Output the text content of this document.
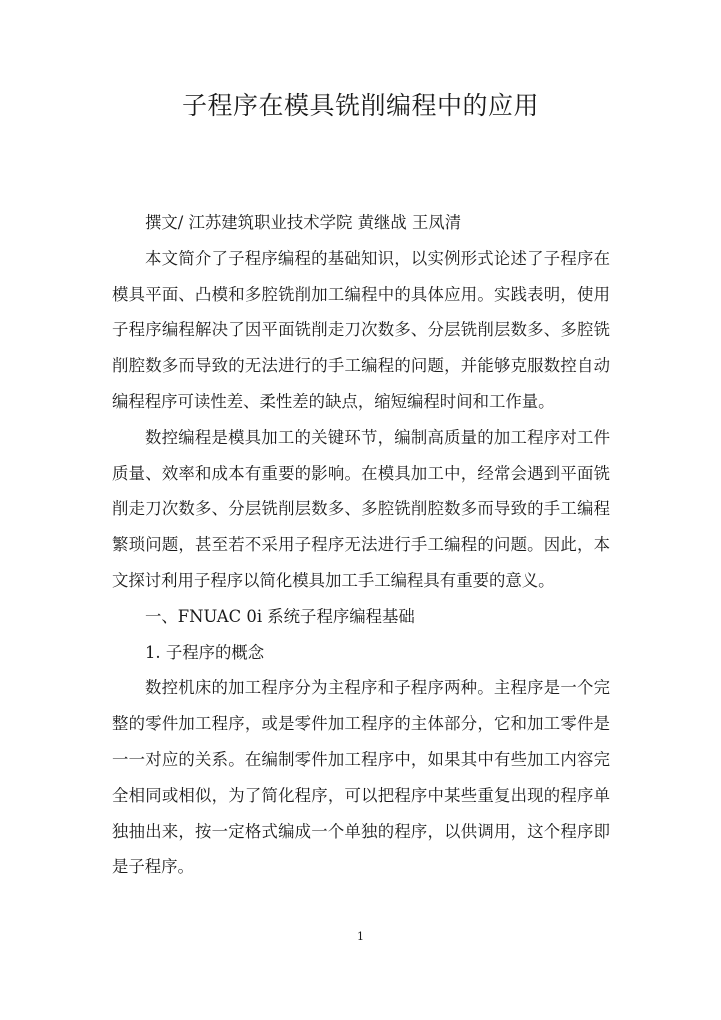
子程序在模具铣削编程中的应用

撰文/ 江苏建筑职业技术学院 黄继战 王凤清

本文简介了子程序编程的基础知识，以实例形式论述了子程序在模具平面、凸模和多腔铣削加工编程中的具体应用。实践表明，使用子程序编程解决了因平面铣削走刀次数多、分层铣削层数多、多腔铣削腔数多而导致的无法进行的手工编程的问题，并能够克服数控自动编程程序可读性差、柔性差的缺点，缩短编程时间和工作量。

数控编程是模具加工的关键环节，编制高质量的加工程序对工件质量、效率和成本有重要的影响。在模具加工中，经常会遇到平面铣削走刀次数多、分层铣削层数多、多腔铣削腔数多而导致的手工编程繁琐问题，甚至若不采用子程序无法进行手工编程的问题。因此，本文探讨利用子程序以简化模具加工手工编程具有重要的意义。

一、FNUAC 0i 系统子程序编程基础

1. 子程序的概念

数控机床的加工程序分为主程序和子程序两种。主程序是一个完整的零件加工程序，或是零件加工程序的主体部分，它和加工零件是一一对应的关系。在编制零件加工程序中，如果其中有些加工内容完全相同或相似，为了简化程序，可以把程序中某些重复出现的程序单独抽出来，按一定格式编成一个单独的程序，以供调用，这个程序即是子程序。

1
